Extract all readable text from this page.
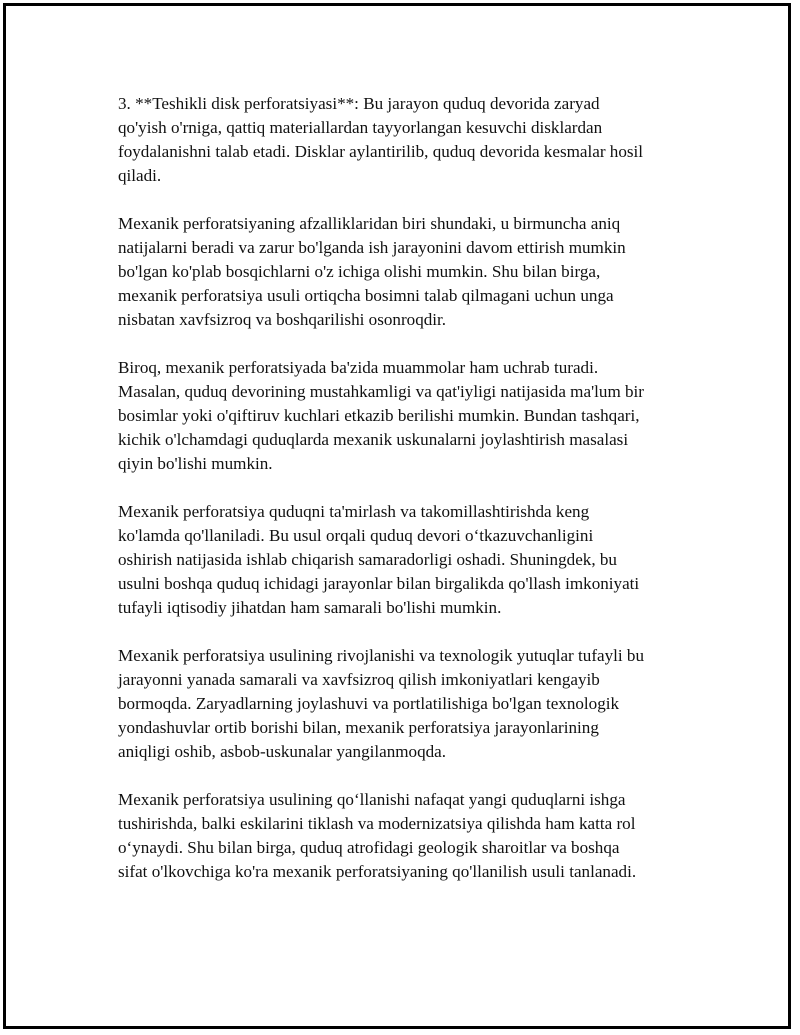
3. **Teshikli disk perforatsiyasi**: Bu jarayon quduq devorida zaryad
qo'yish o'rniga, qattiq materiallardan tayyorlangan kesuvchi disklardan
foydalanishni talab etadi. Disklar aylantirilib, quduq devorida kesmalar hosil
qiladi.

Mexanik perforatsiyaning afzalliklaridan biri shundaki, u birmuncha aniq
natijalarni beradi va zarur bo'lganda ish jarayonini davom ettirish mumkin
bo'lgan ko'plab bosqichlarni o'z ichiga olishi mumkin. Shu bilan birga,
mexanik perforatsiya usuli ortiqcha bosimni talab qilmagani uchun unga
nisbatan xavfsizroq va boshqarilishi osonroqdir.

Biroq, mexanik perforatsiyada ba'zida muammolar ham uchrab turadi.
Masalan, quduq devorining mustahkamligi va qat'iyligi natijasida ma'lum bir
bosimlar yoki o'qiftiruv kuchlari etkazib berilishi mumkin. Bundan tashqari,
kichik o'lchamdagi quduqlarda mexanik uskunalarni joylashtirish masalasi
qiyin bo'lishi mumkin.

Mexanik perforatsiya quduqni ta'mirlash va takomillashtirishda keng
ko'lamda qo'llaniladi. Bu usul orqali quduq devori o‘tkazuvchanligini
oshirish natijasida ishlab chiqarish samaradorligi oshadi. Shuningdek, bu
usulni boshqa quduq ichidagi jarayonlar bilan birgalikda qo'llash imkoniyati
tufayli iqtisodiy jihatdan ham samarali bo'lishi mumkin.

Mexanik perforatsiya usulining rivojlanishi va texnologik yutuqlar tufayli bu
jarayonni yanada samarali va xavfsizroq qilish imkoniyatlari kengayib
bormoqda. Zaryadlarning joylashuvi va portlatilishiga bo'lgan texnologik
yondashuvlar ortib borishi bilan, mexanik perforatsiya jarayonlarining
aniqligi oshib, asbob-uskunalar yangilanmoqda.

Mexanik perforatsiya usulining qo‘llanishi nafaqat yangi quduqlarni ishga
tushirishda, balki eskilarini tiklash va modernizatsiya qilishda ham katta rol
o‘ynaydi. Shu bilan birga, quduq atrofidagi geologik sharoitlar va boshqa
sifat o'lkovchiga ko'ra mexanik perforatsiyaning qo'llanilish usuli tanlanadi.
